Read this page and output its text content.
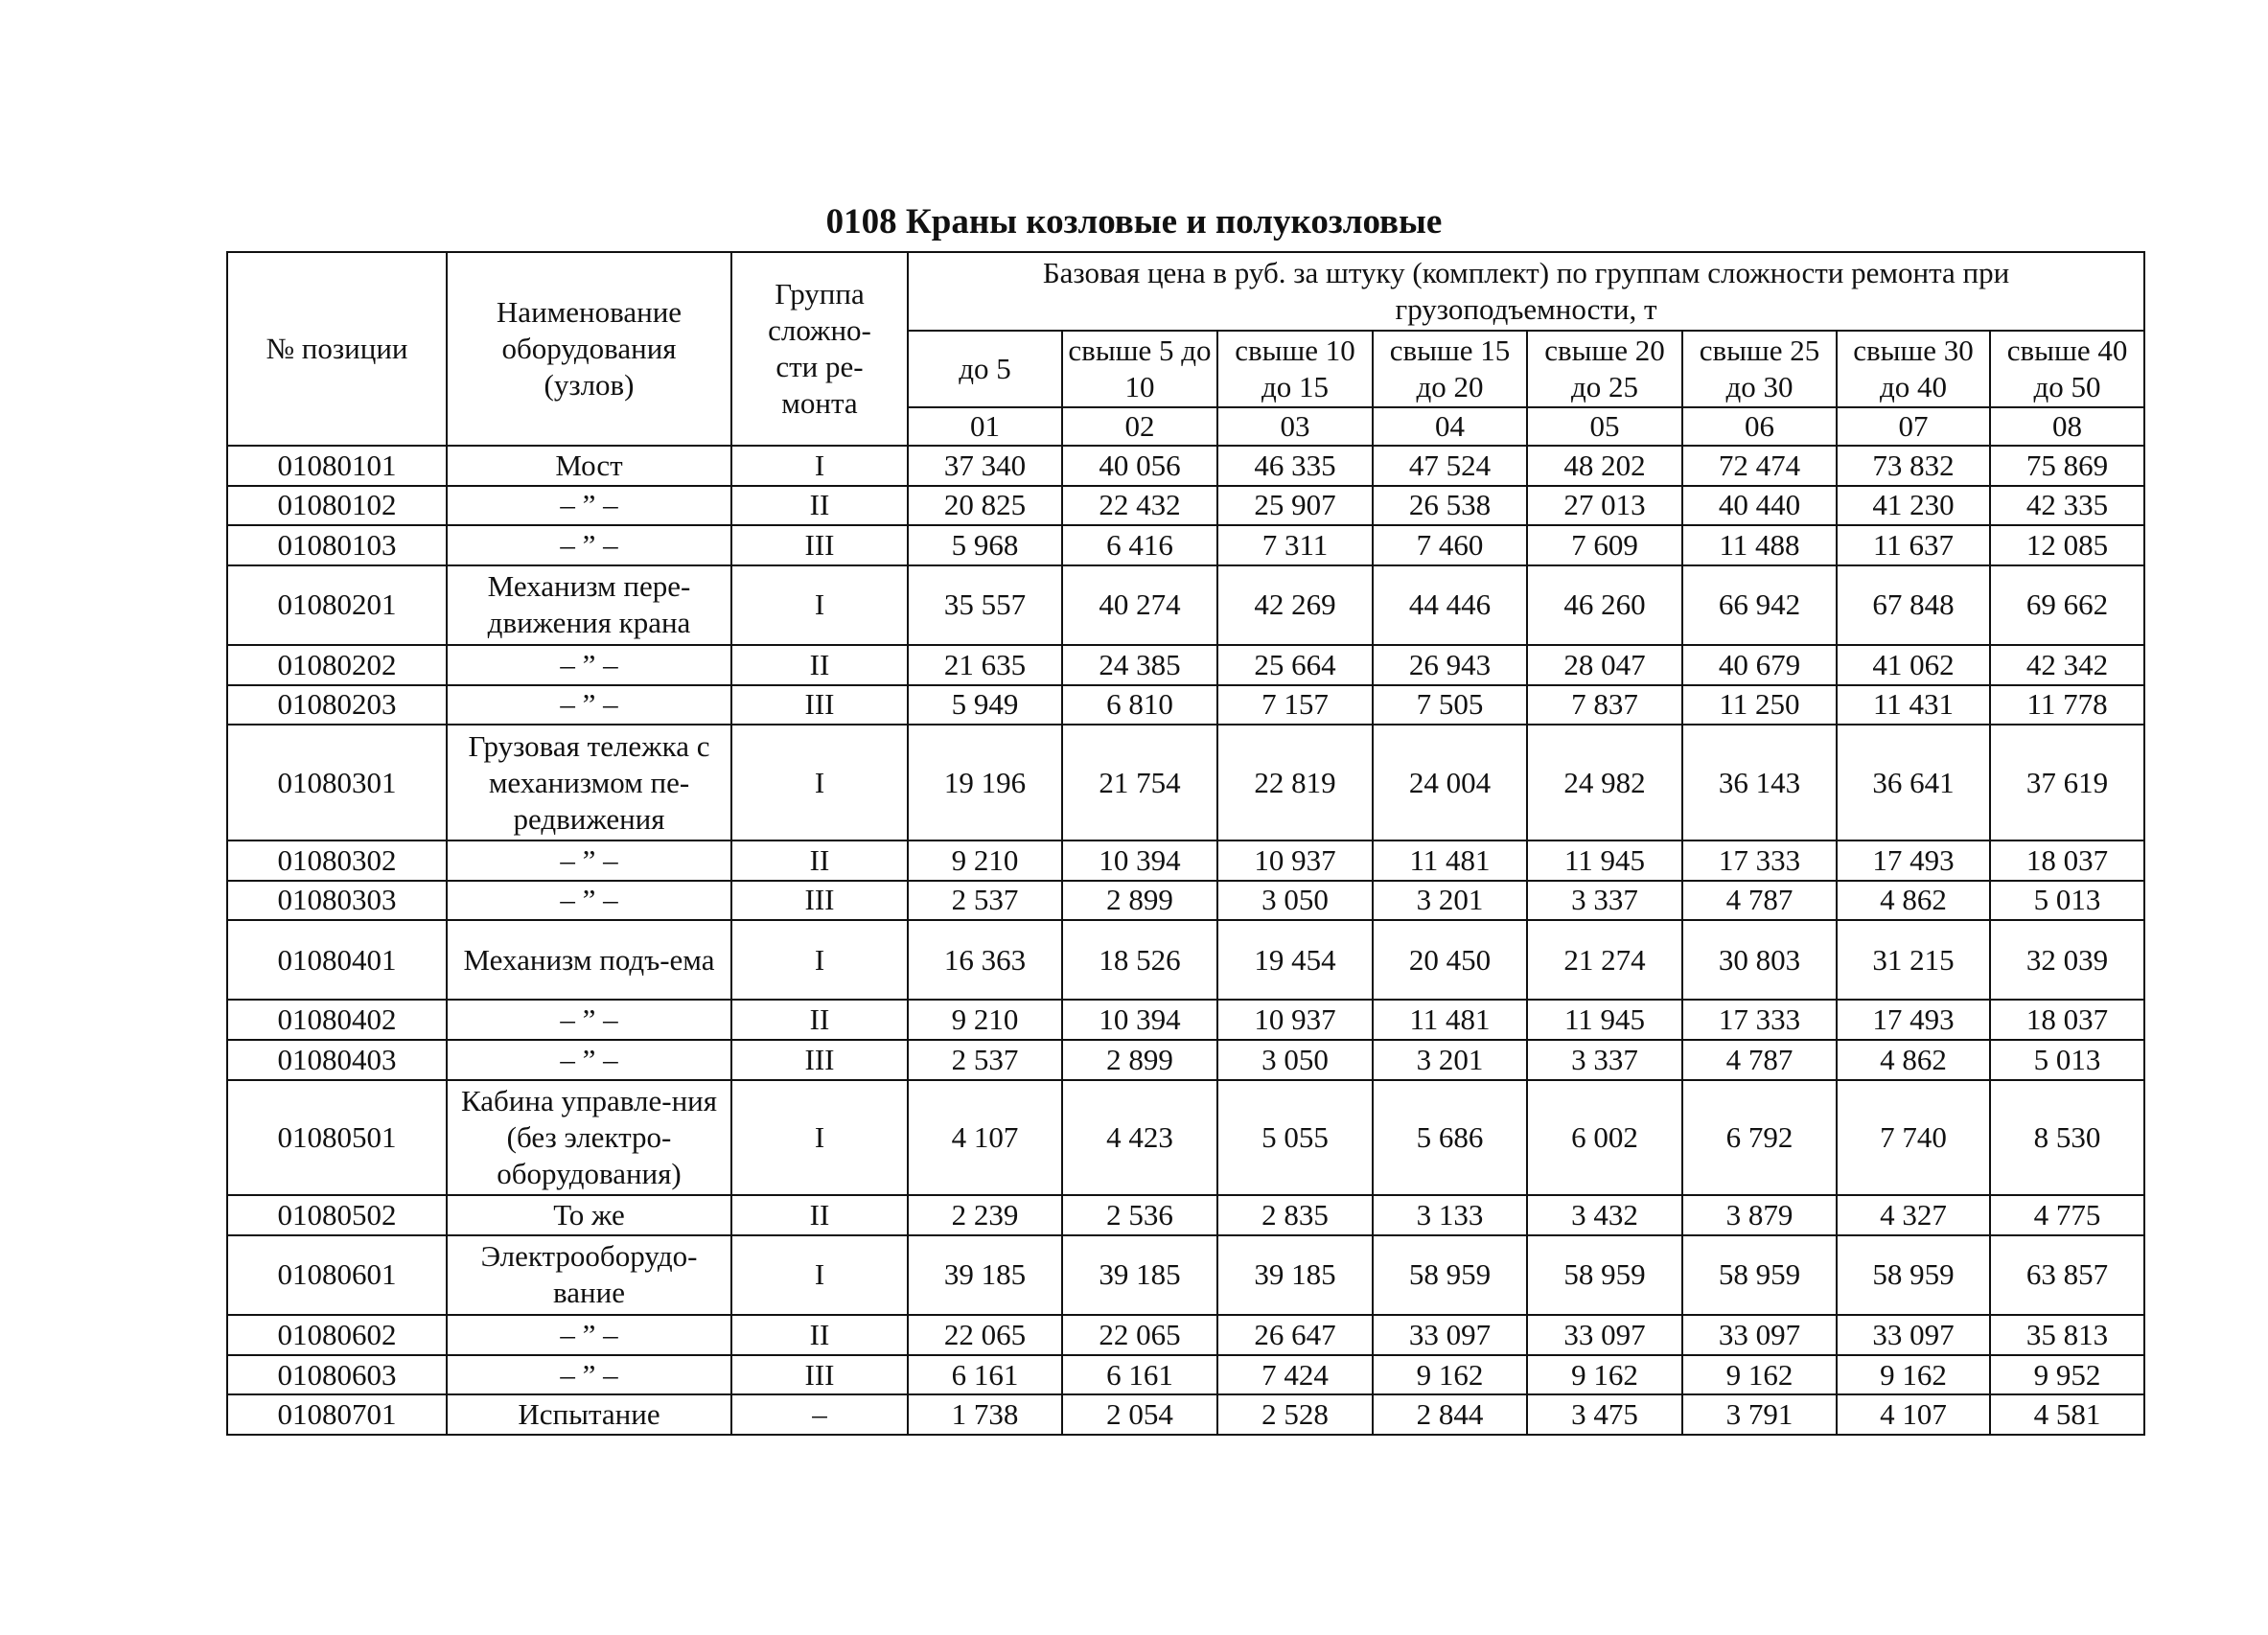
0108 Краны козловые и полукозловые
№ позиции	Наименование оборудования (узлов)	Группа сложно-сти ре-монта	Базовая цена в руб. за штуку (комплект) по группам сложности ремонта при грузоподъемности, т							
			до 5	свыше 5 до 10	свыше 10 до 15	свыше 15 до 20	свыше 20 до 25	свыше 25 до 30	свыше 30 до 40	свыше 40 до 50
			01	02	03	04	05	06	07	08
01080101	Мост	I	37 340	40 056	46 335	47 524	48 202	72 474	73 832	75 869
01080102	– ” –	II	20 825	22 432	25 907	26 538	27 013	40 440	41 230	42 335
01080103	– ” –	III	5 968	6 416	7 311	7 460	7 609	11 488	11 637	12 085
01080201	Механизм пере-движения крана	I	35 557	40 274	42 269	44 446	46 260	66 942	67 848	69 662
01080202	– ” –	II	21 635	24 385	25 664	26 943	28 047	40 679	41 062	42 342
01080203	– ” –	III	5 949	6 810	7 157	7 505	7 837	11 250	11 431	11 778
01080301	Грузовая тележка с механизмом пе-редвижения	I	19 196	21 754	22 819	24 004	24 982	36 143	36 641	37 619
01080302	– ” –	II	9 210	10 394	10 937	11 481	11 945	17 333	17 493	18 037
01080303	– ” –	III	2 537	2 899	3 050	3 201	3 337	4 787	4 862	5 013
01080401	Механизм подъ-ема	I	16 363	18 526	19 454	20 450	21 274	30 803	31 215	32 039
01080402	– ” –	II	9 210	10 394	10 937	11 481	11 945	17 333	17 493	18 037
01080403	– ” –	III	2 537	2 899	3 050	3 201	3 337	4 787	4 862	5 013
01080501	Кабина управле-ния (без электро-оборудования)	I	4 107	4 423	5 055	5 686	6 002	6 792	7 740	8 530
01080502	То же	II	2 239	2 536	2 835	3 133	3 432	3 879	4 327	4 775
01080601	Электрооборудо-вание	I	39 185	39 185	39 185	58 959	58 959	58 959	58 959	63 857
01080602	– ” –	II	22 065	22 065	26 647	33 097	33 097	33 097	33 097	35 813
01080603	– ” –	III	6 161	6 161	7 424	9 162	9 162	9 162	9 162	9 952
01080701	Испытание	–	1 738	2 054	2 528	2 844	3 475	3 791	4 107	4 581
